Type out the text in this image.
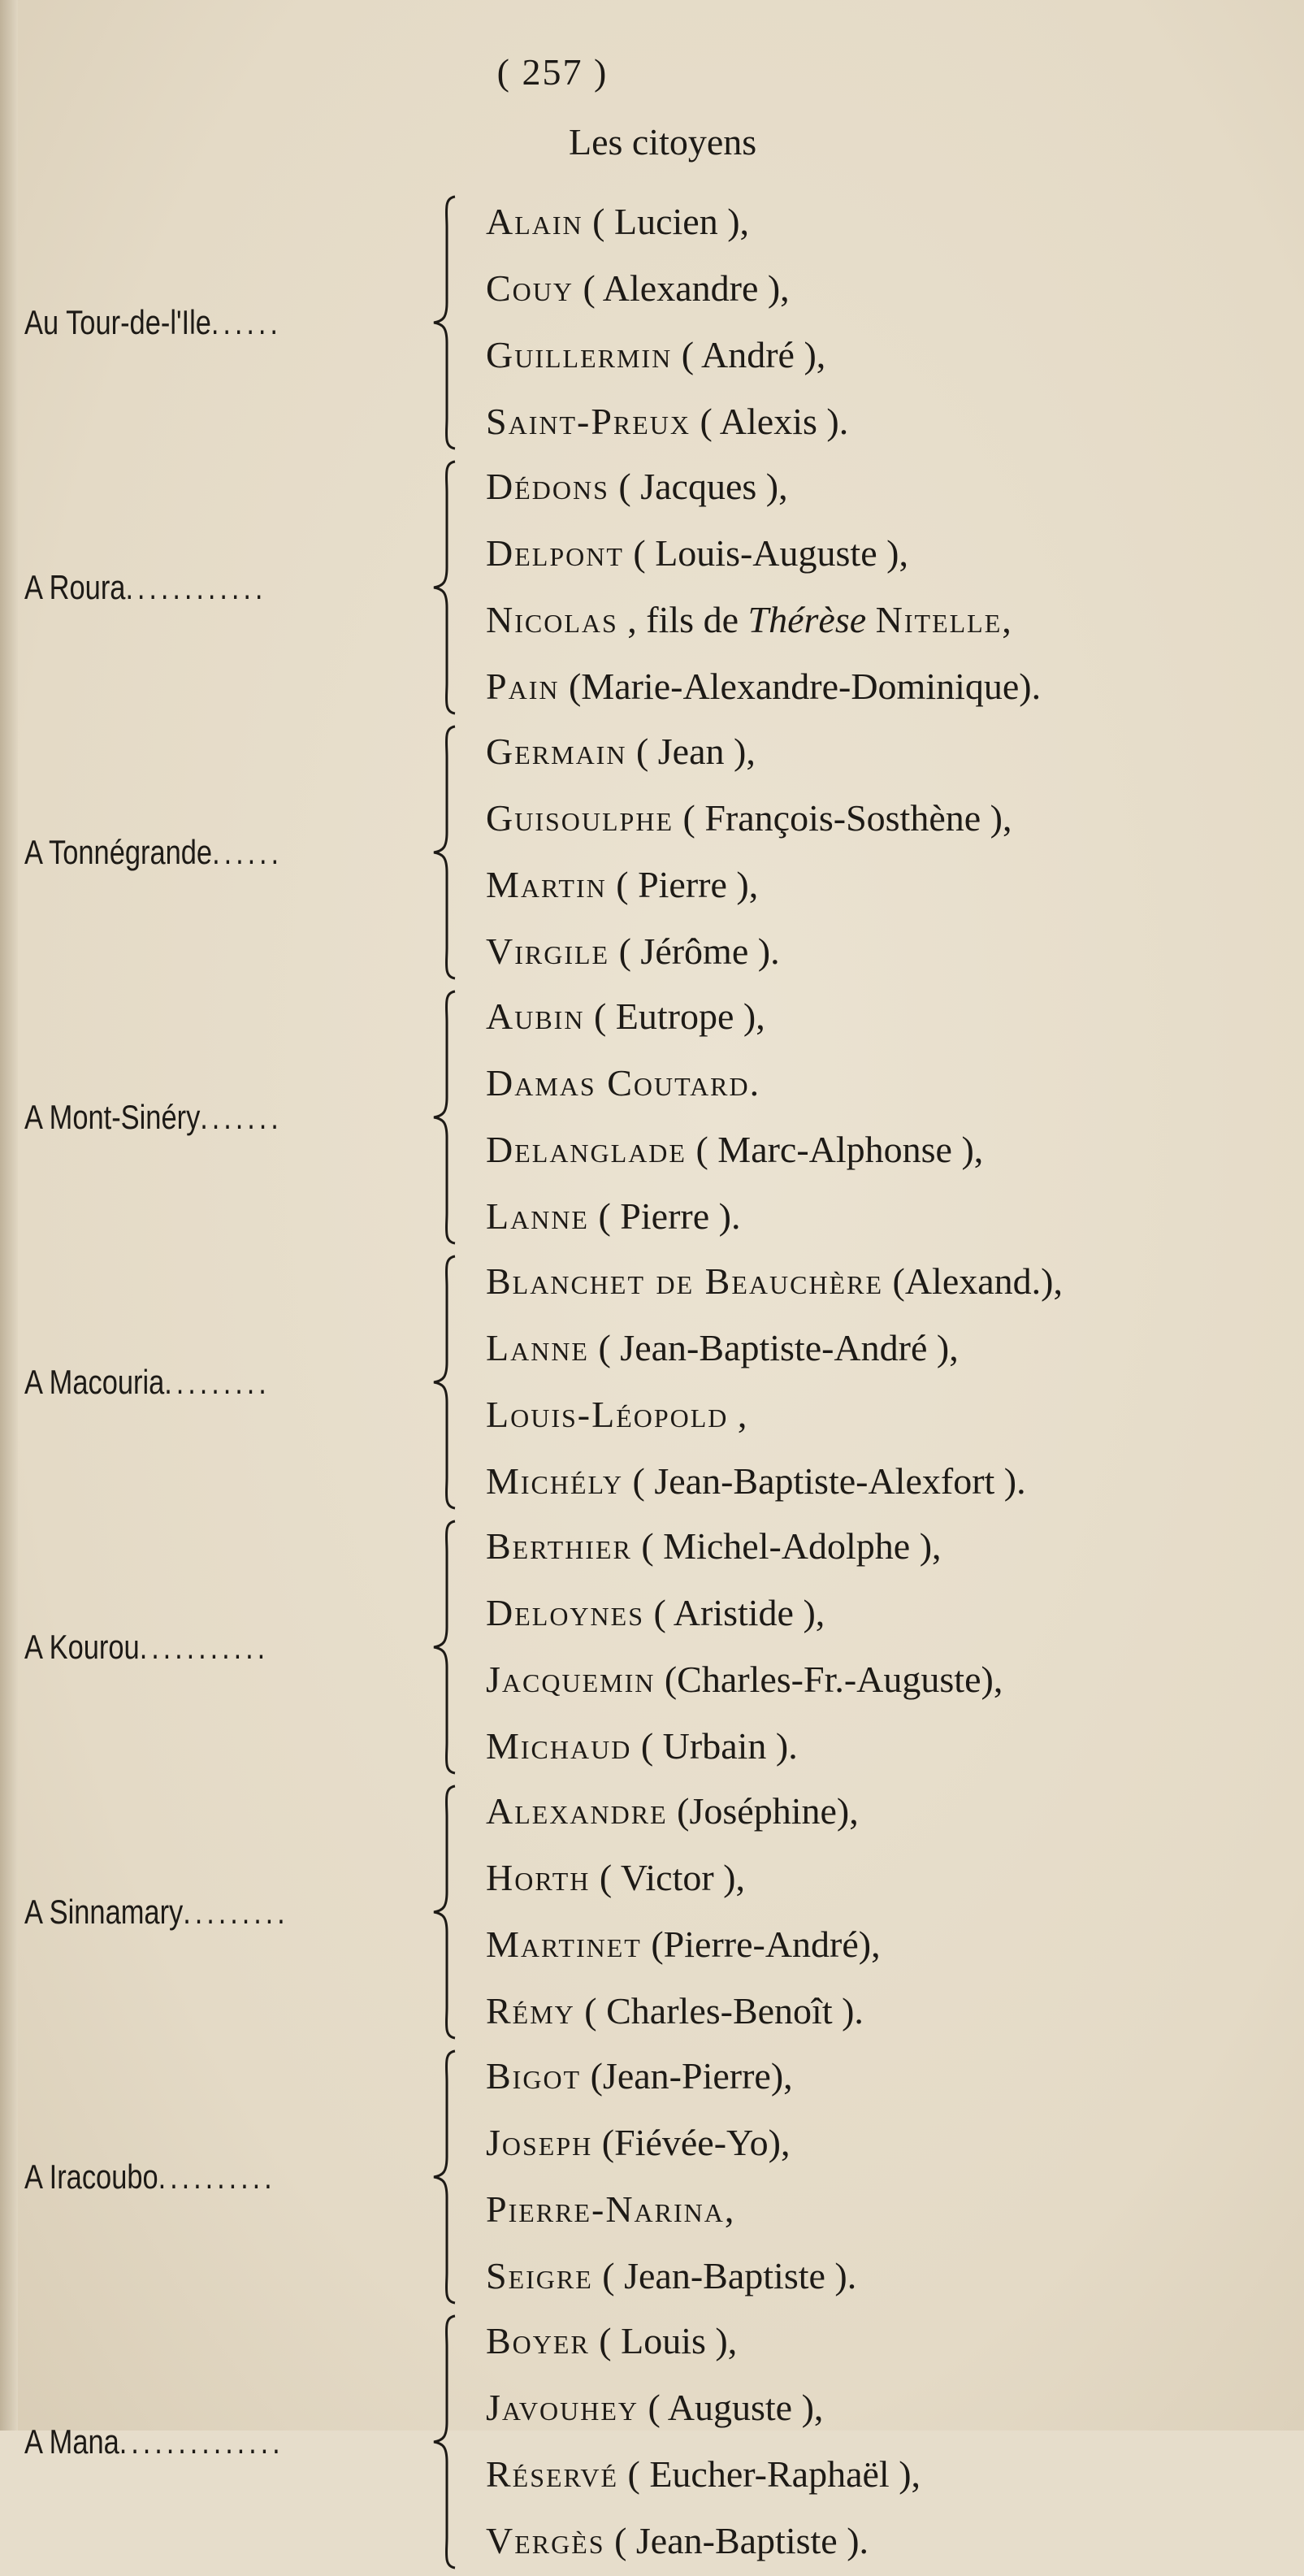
( 257 )
Les citoyens
Au Tour-de-l'Ile ......
Alain ( Lucien ),
Couy ( Alexandre ),
Guillermin ( André ),
Saint-Preux ( Alexis ).
A Roura ............
Dédons ( Jacques ),
Delpont ( Louis-Auguste ),
Nicolas , fils de Thérèse Nitelle,
Pain (Marie-Alexandre-Dominique).
A Tonnégrande ......
Germain ( Jean ),
Guisoulphe ( François-Sosthène ),
Martin ( Pierre ),
Virgile ( Jérôme ).
A Mont-Sinéry .......
Aubin ( Eutrope ),
Damas Coutard.
Delanglade ( Marc-Alphonse ),
Lanne ( Pierre ).
A Macouria .........
Blanchet de Beauchère (Alexand.),
Lanne ( Jean-Baptiste-André ),
Louis-Léopold ,
Michély ( Jean-Baptiste-Alexfort ).
A Kourou ...........
Berthier ( Michel-Adolphe ),
Deloynes ( Aristide ),
Jacquemin (Charles-Fr.-Auguste),
Michaud ( Urbain ).
A Sinnamary .........
Alexandre (Joséphine),
Horth ( Victor ),
Martinet (Pierre-André),
Rémy ( Charles-Benoît ).
A Iracoubo ..........
Bigot (Jean-Pierre),
Joseph (Fiévée-Yo),
Pierre-Narina,
Seigre ( Jean-Baptiste ).
A Mana ..............
Boyer ( Louis ),
Javouhey ( Auguste ),
Réservé ( Eucher-Raphaël ),
Vergès ( Jean-Baptiste ).
